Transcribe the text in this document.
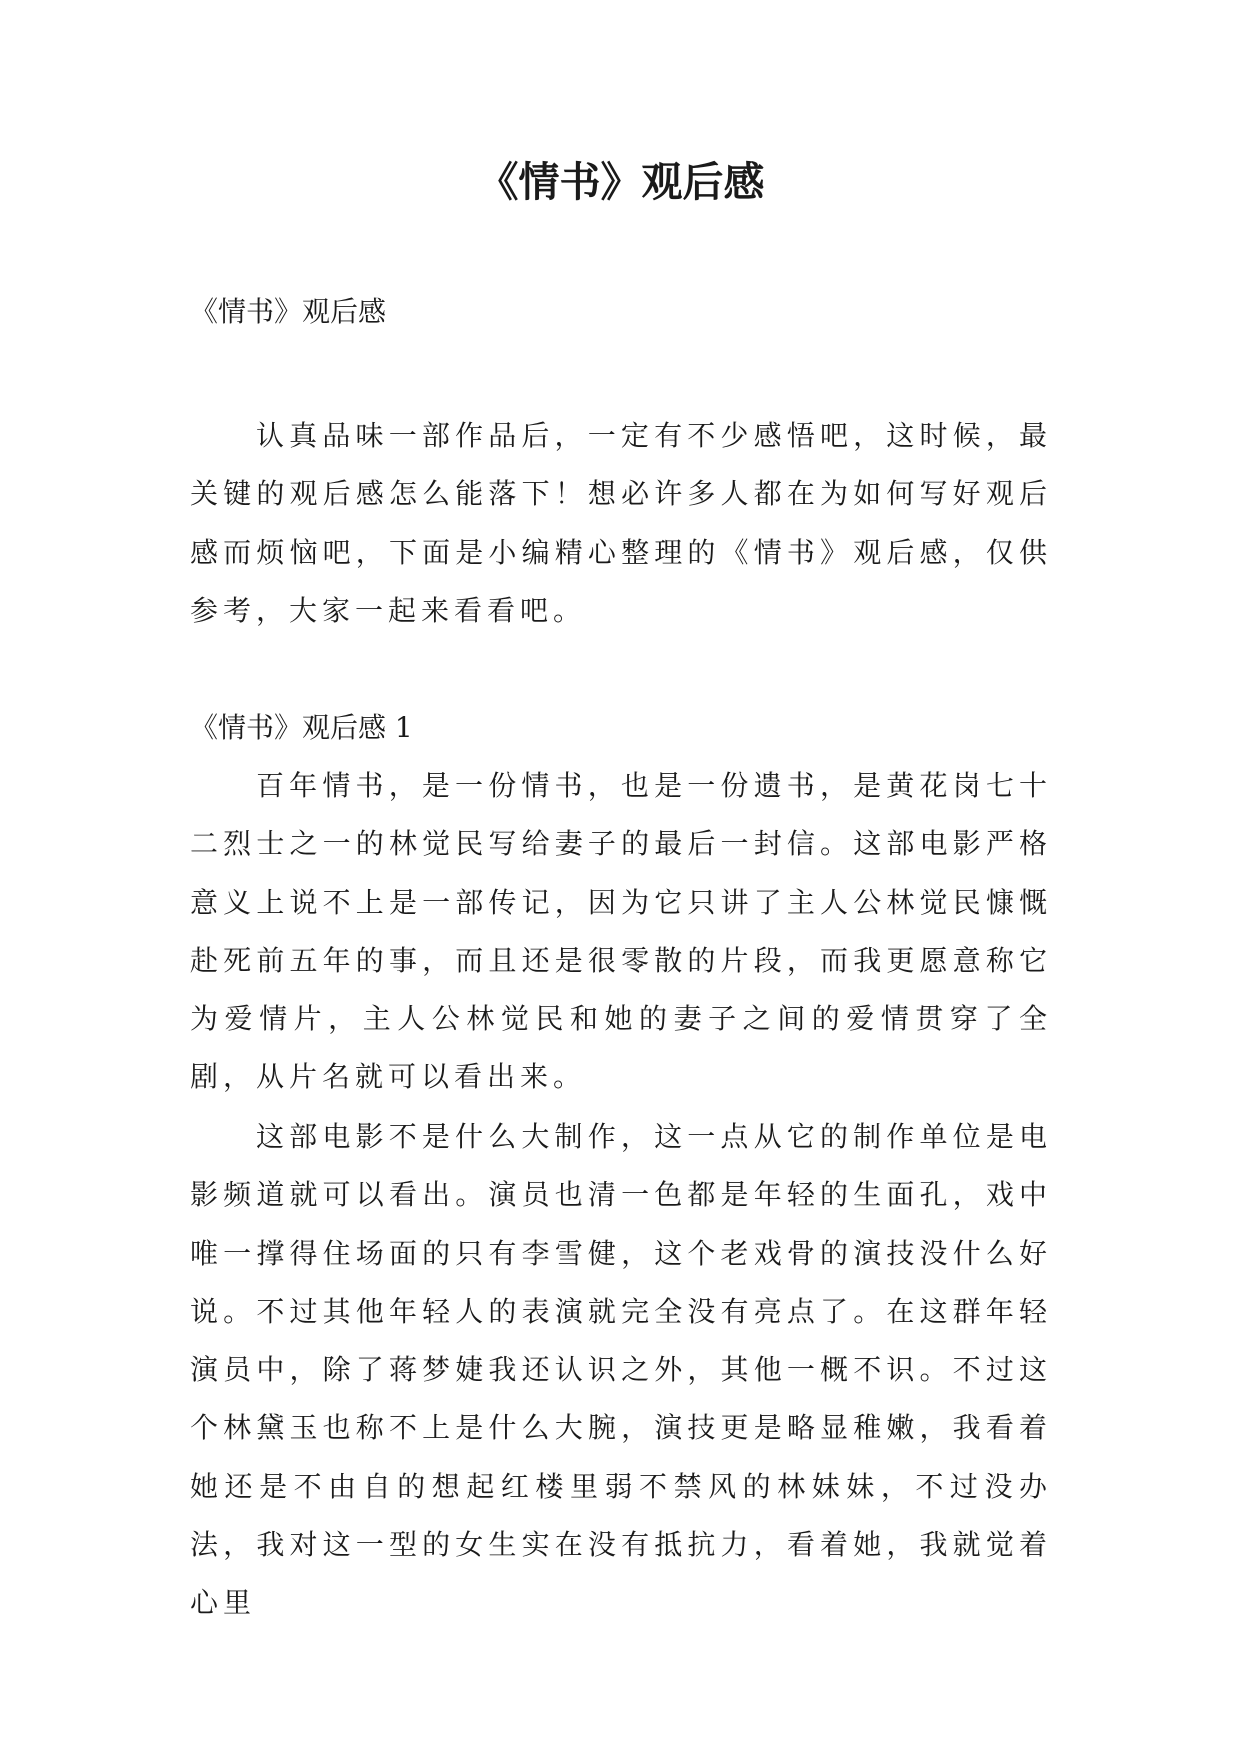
《情书》观后感

《情书》观后感

认真品味一部作品后，一定有不少感悟吧，这时候，最关键的观后感怎么能落下！想必许多人都在为如何写好观后感而烦恼吧，下面是小编精心整理的《情书》观后感，仅供参考，大家一起来看看吧。

《情书》观后感 1

百年情书，是一份情书，也是一份遗书，是黄花岗七十二烈士之一的林觉民写给妻子的最后一封信。这部电影严格意义上说不上是一部传记，因为它只讲了主人公林觉民慷慨赴死前五年的事，而且还是很零散的片段，而我更愿意称它为爱情片，主人公林觉民和她的妻子之间的爱情贯穿了全剧，从片名就可以看出来。

这部电影不是什么大制作，这一点从它的制作单位是电影频道就可以看出。演员也清一色都是年轻的生面孔，戏中唯一撑得住场面的只有李雪健，这个老戏骨的演技没什么好说。不过其他年轻人的表演就完全没有亮点了。在这群年轻演员中，除了蒋梦婕我还认识之外，其他一概不识。不过这个林黛玉也称不上是什么大腕，演技更是略显稚嫩，我看着她还是不由自的想起红楼里弱不禁风的林妹妹，不过没办法，我对这一型的女生实在没有抵抗力，看着她，我就觉着心里
